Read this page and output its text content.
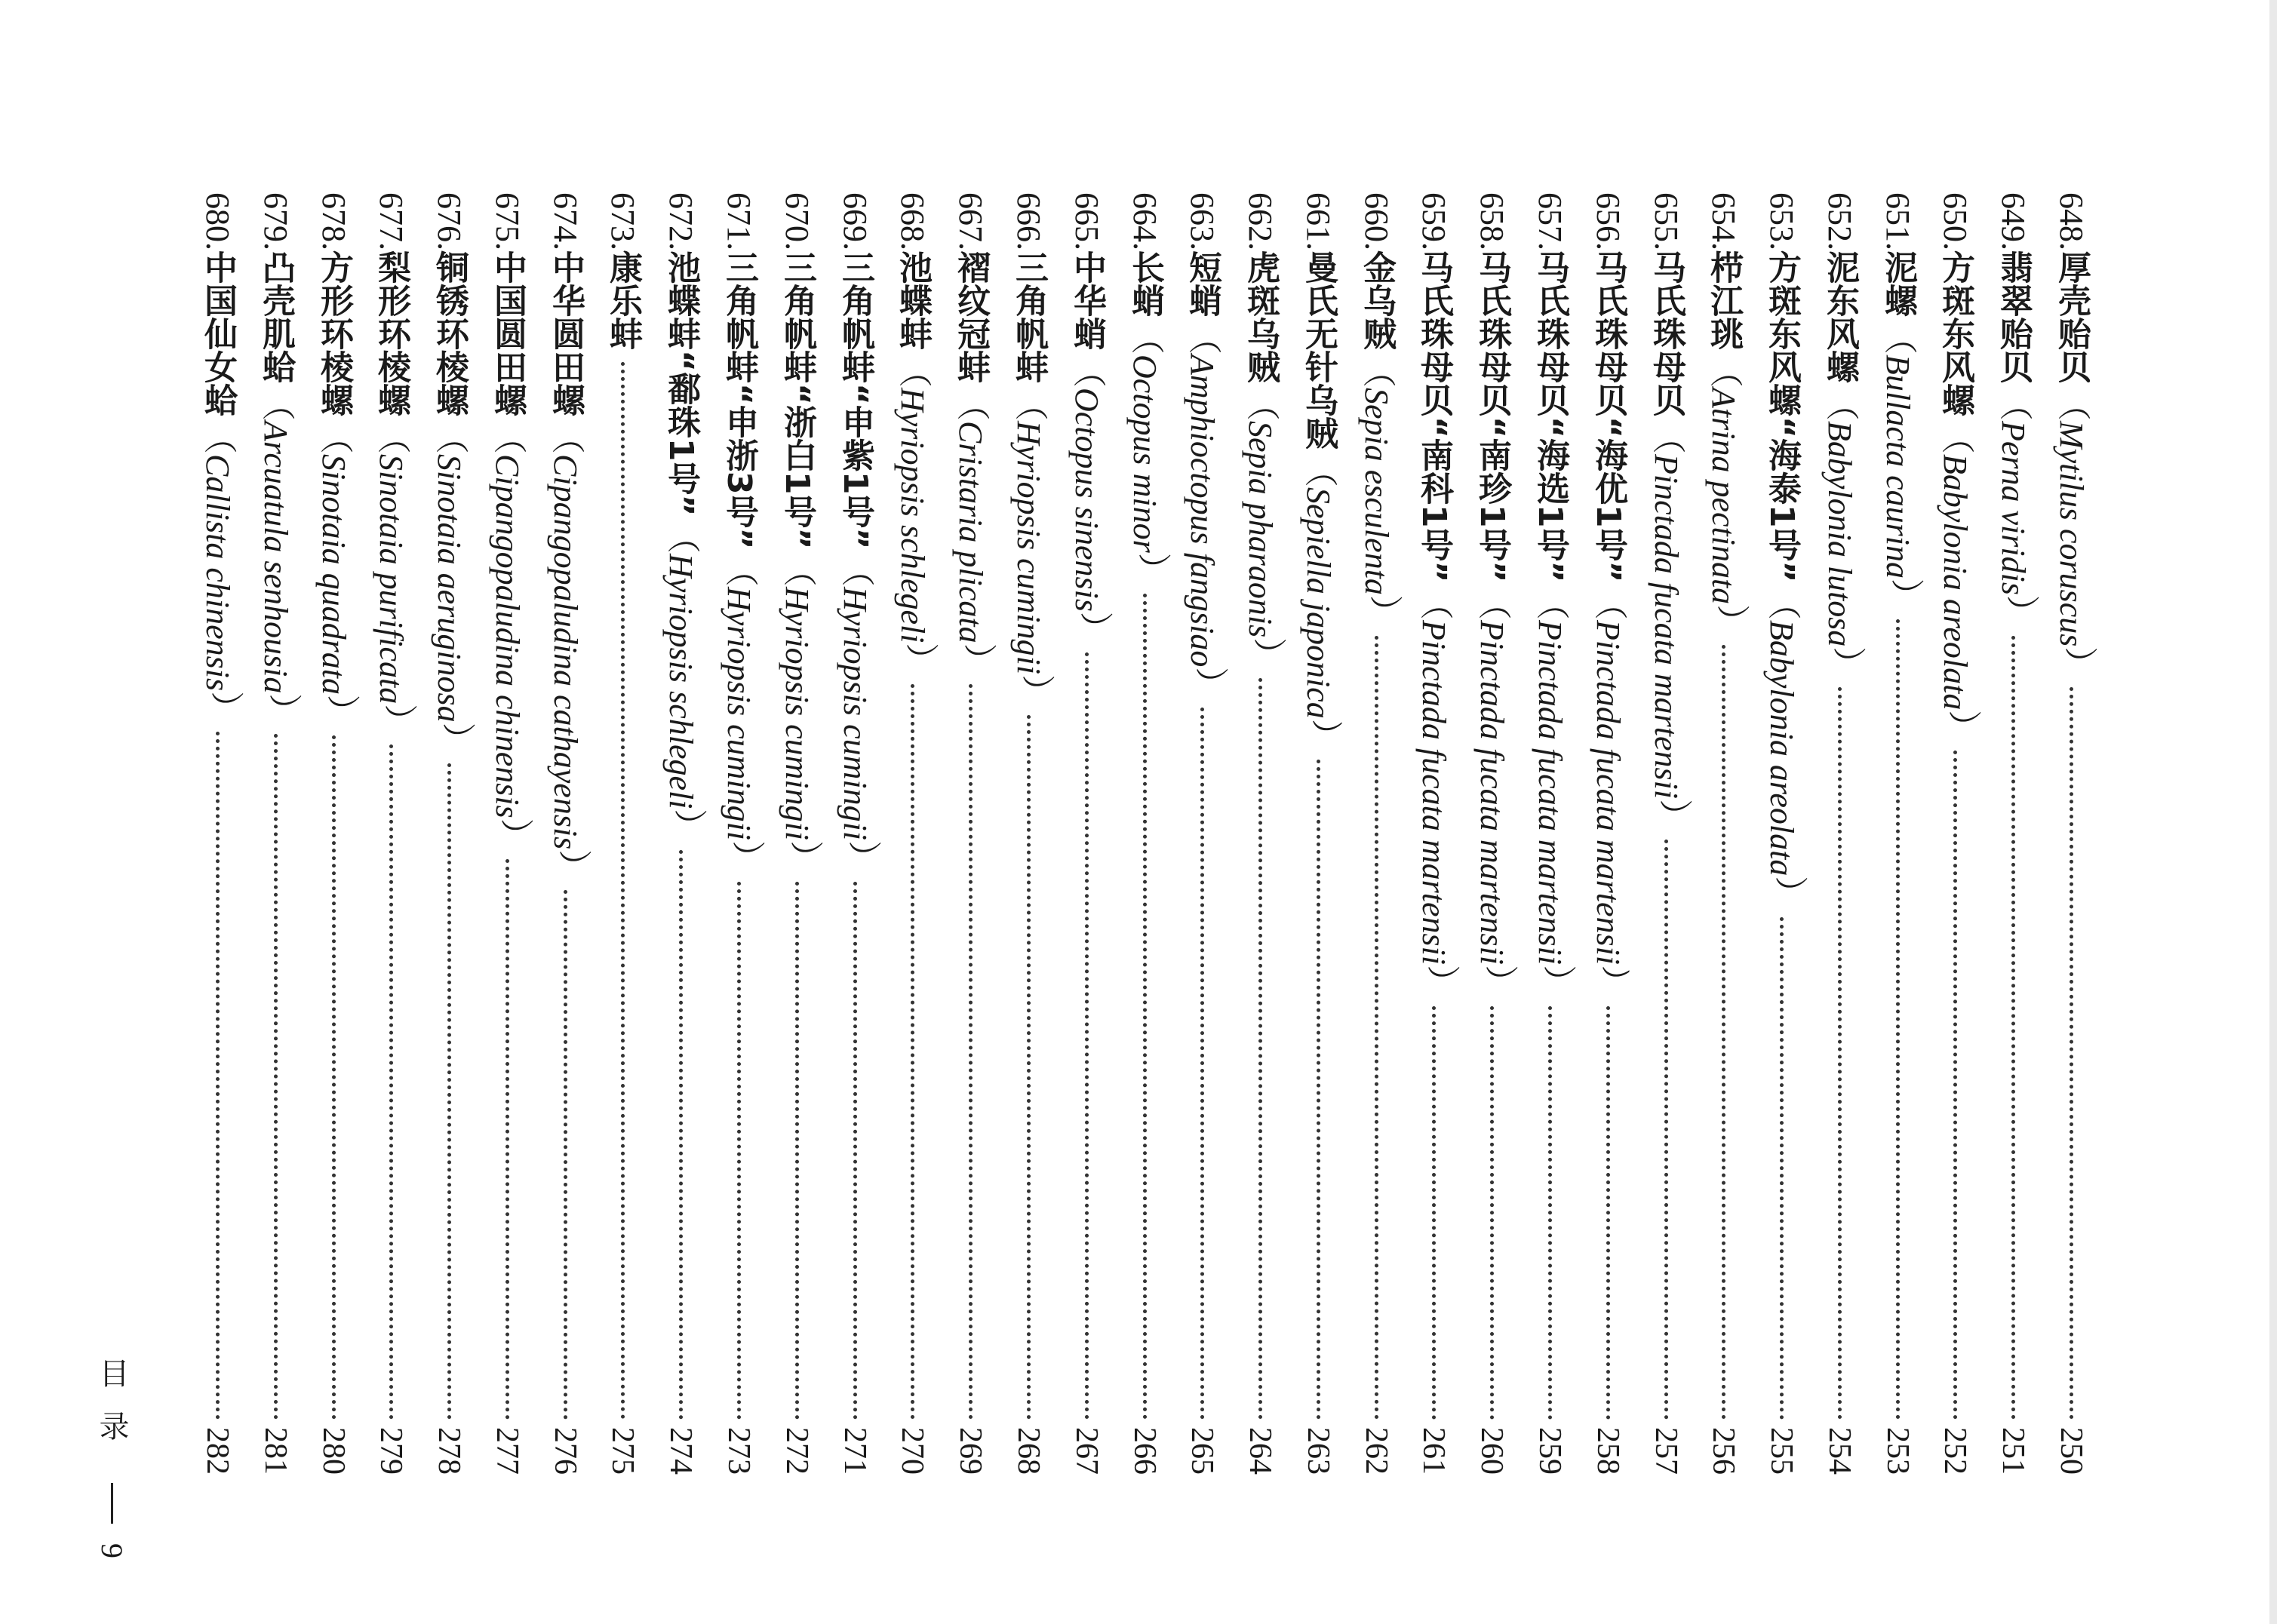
648.
厚壳贻贝
（Mytilus coruscus）
250
649.
翡翠贻贝
（Perna viridis）
251
650.
方斑东风螺
（Babylonia areolata）
252
651.
泥螺
（Bullacta caurina）
253
652.
泥东风螺
（Babylonia lutosa）
254
653.
方斑东风螺“海泰1号”
（Babylonia areolata）
255
654.
栉江珧
（Atrina pectinata）
256
655.
马氏珠母贝
（Pinctada fucata martensii）
257
656.
马氏珠母贝“海优1号”
（Pinctada fucata martensii）
258
657.
马氏珠母贝“海选1号”
（Pinctada fucata martensii）
259
658.
马氏珠母贝“南珍1号”
（Pinctada fucata martensii）
260
659.
马氏珠母贝“南科1号”
（Pinctada fucata martensii）
261
660.
金乌贼
（Sepia esculenta）
262
661.
曼氏无针乌贼
（Sepiella japonica）
263
662.
虎斑乌贼
（Sepia pharaonis）
264
663.
短蛸
（Amphioctopus fangsiao）
265
664.
长蛸
（Octopus minor）
266
665.
中华蛸
（Octopus sinensis）
267
666.
三角帆蚌
（Hyriopsis cumingii）
268
667.
褶纹冠蚌
（Cristaria plicata）
269
668.
池蝶蚌
（Hyriopsis schlegeli）
270
669.
三角帆蚌“申紫1号”
（Hyriopsis cumingii）
271
670.
三角帆蚌“浙白1号”
（Hyriopsis cumingii）
272
671.
三角帆蚌“申浙3号”
（Hyriopsis cumingii）
273
672.
池蝶蚌“鄱珠1号”
（Hyriopsis schlegeli）
274
673.
康乐蚌
275
674.
中华圆田螺
（Cipangopaludina cathayensis）
276
675.
中国圆田螺
（Cipangopaludina chinensis）
277
676.
铜锈环棱螺
（Sinotaia aeruginosa）
278
677.
梨形环棱螺
（Sinotaia purificata）
279
678.
方形环棱螺
（Sinotaia quadrata）
280
679.
凸壳肌蛤
（Arcuatula senhousia）
281
680.
中国仙女蛤
（Callista chinensis）
282
目录
9
